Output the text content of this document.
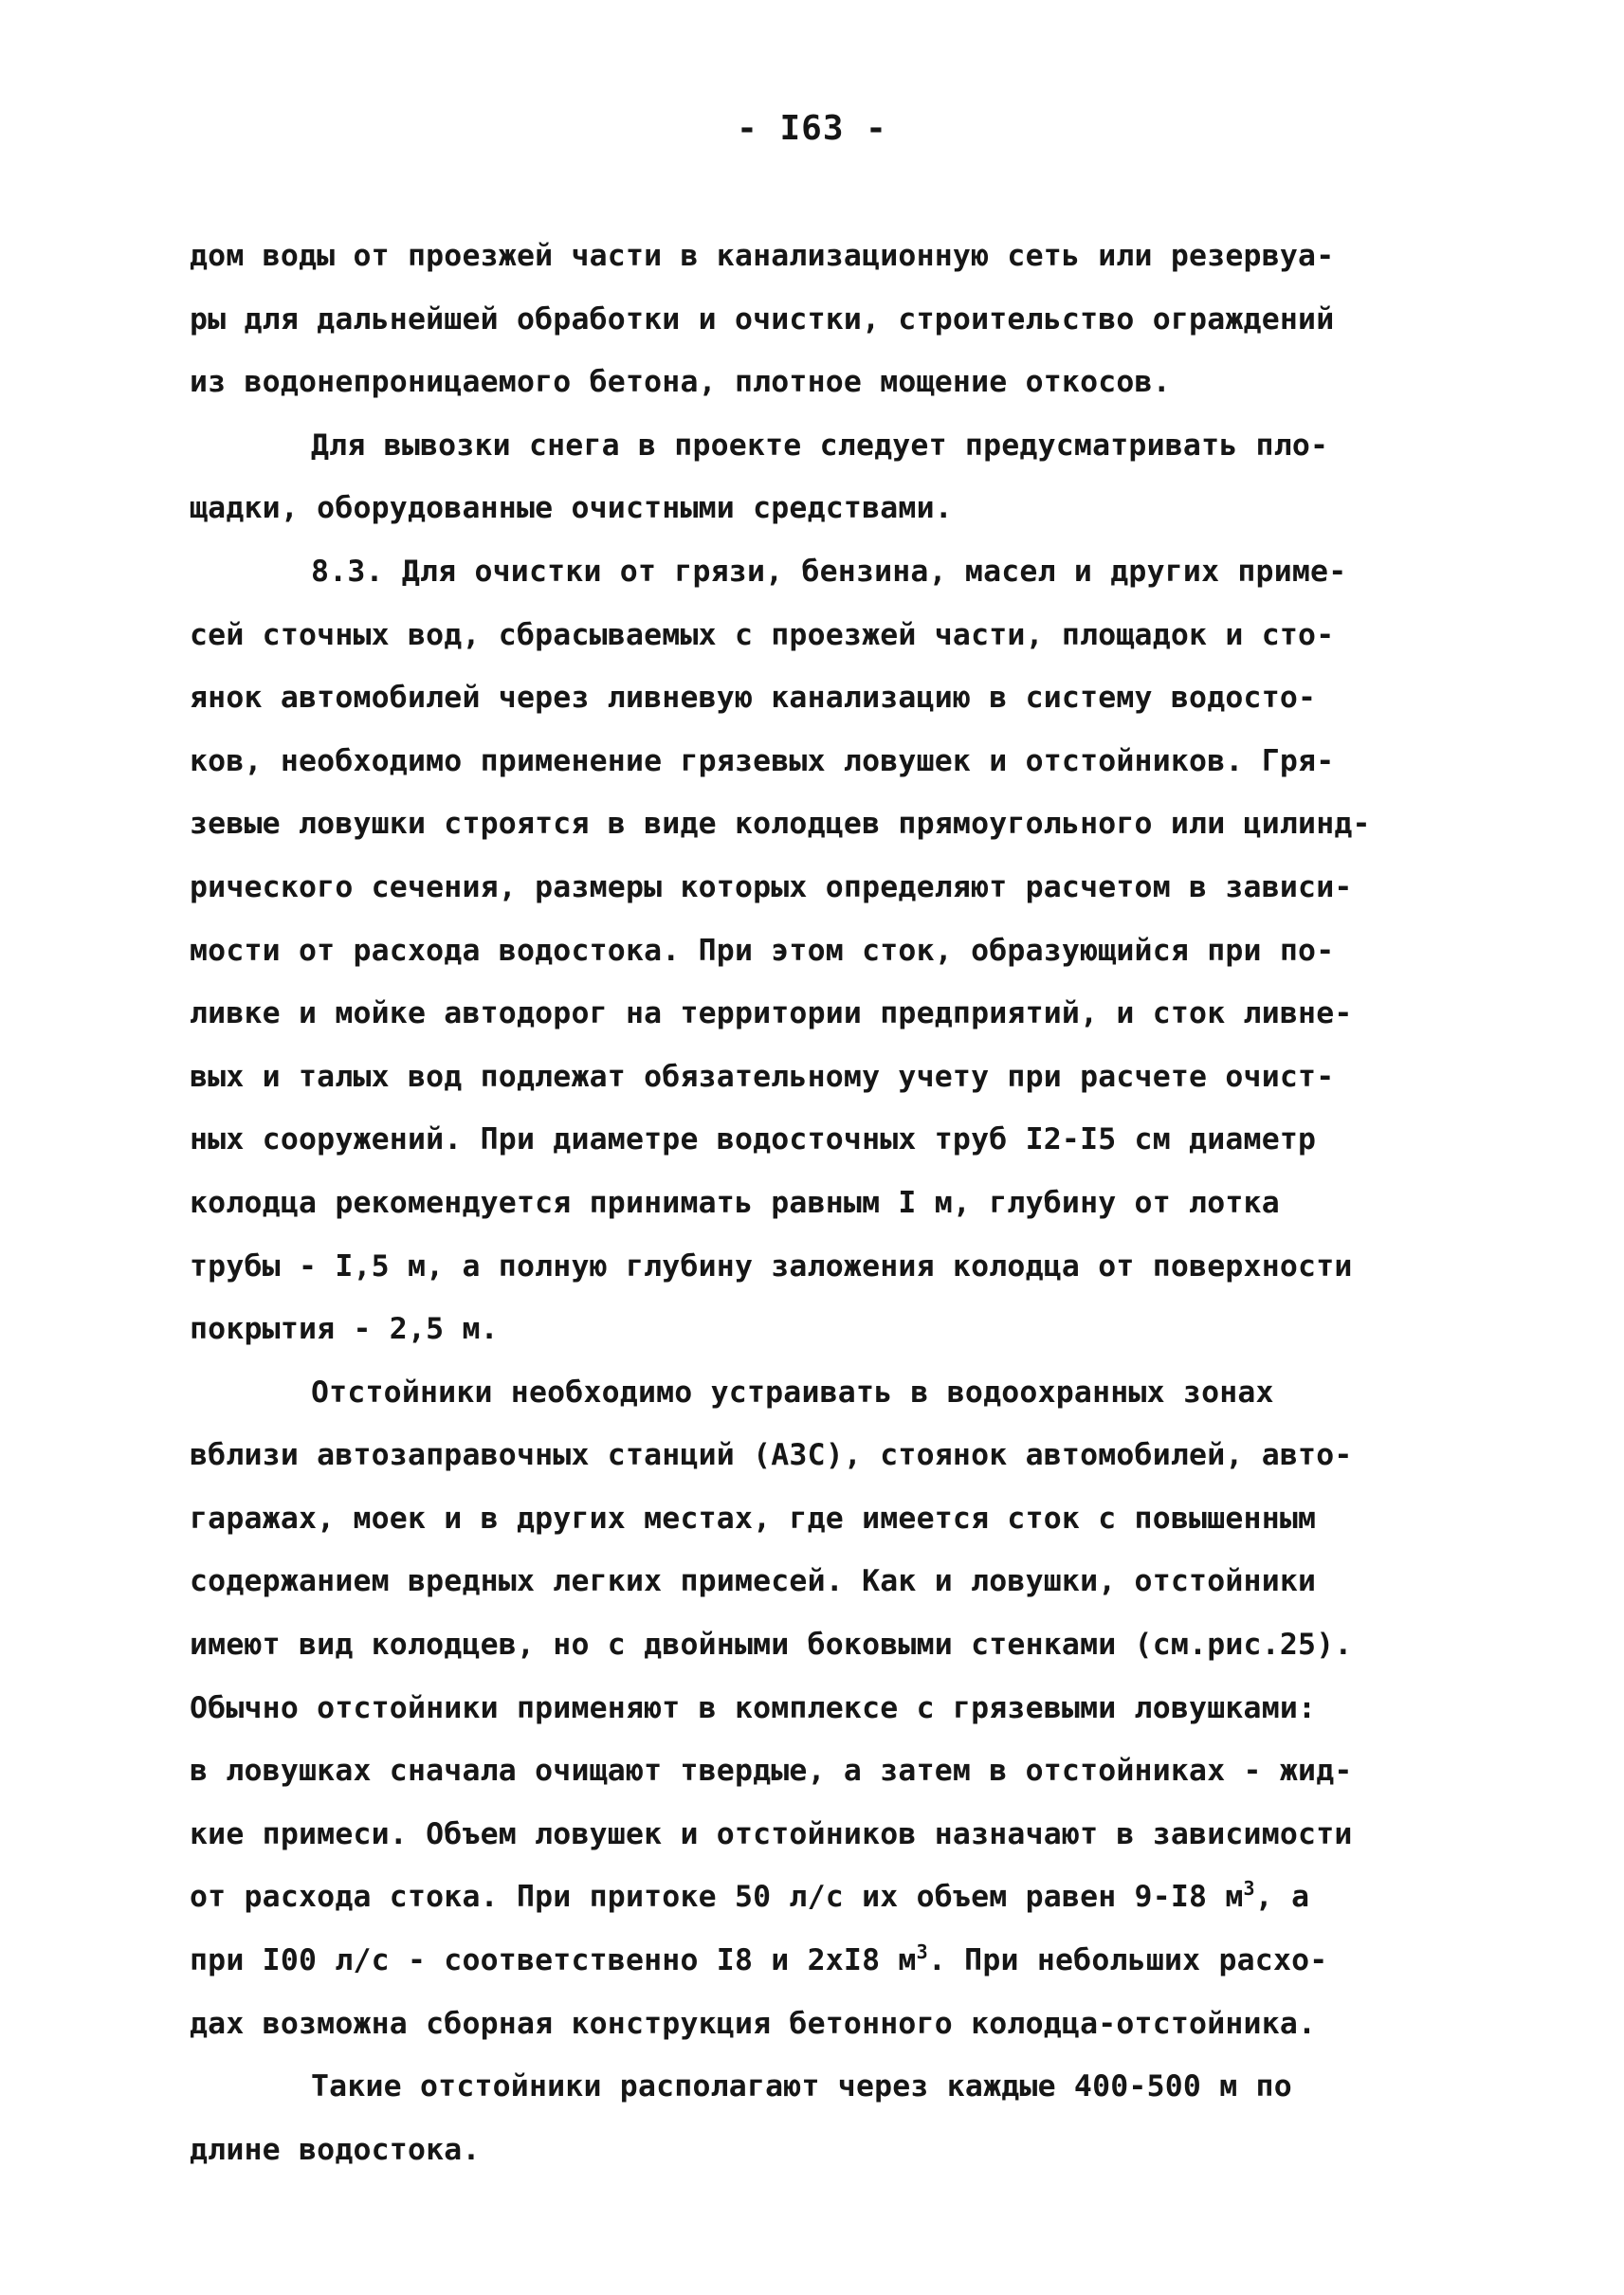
- I63 -
дом воды от проезжей части в канализационную сеть или резервуа-
ры для дальнейшей обработки и очистки, строительство ограждений
из водонепроницаемого бетона, плотное мощение откосов.
Для вывозки снега в проекте следует предусматривать пло-
щадки, оборудованные очистными средствами.
8.3. Для очистки от грязи, бензина, масел и других приме-
сей сточных вод, сбрасываемых с проезжей части, площадок и сто-
янок автомобилей через ливневую канализацию в систему водосто-
ков, необходимо применение грязевых ловушек и отстойников. Гря-
зевые ловушки строятся в виде колодцев прямоугольного или цилинд-
рического сечения, размеры которых определяют расчетом в зависи-
мости от расхода водостока. При этом сток, образующийся при по-
ливке и мойке автодорог на территории предприятий, и сток ливне-
вых и талых вод подлежат обязательному учету при расчете очист-
ных сооружений. При диаметре водосточных труб I2-I5 см диаметр
колодца рекомендуется принимать равным I м, глубину от лотка
трубы - I,5 м, а полную глубину заложения колодца от поверхности
покрытия - 2,5 м.
Отстойники необходимо устраивать в водоохранных зонах
вблизи автозаправочных станций (АЗС), стоянок автомобилей, авто-
гаражах, моек и в других местах, где имеется сток с повышенным
содержанием вредных легких примесей. Как и ловушки, отстойники
имеют вид колодцев, но с двойными боковыми стенками (см.рис.25).
Обычно отстойники применяют в комплексе с грязевыми ловушками:
в ловушках сначала очищают твердые, а затем в отстойниках - жид-
кие примеси. Объем ловушек и отстойников назначают в зависимости
от расхода стока. При притоке 50 л/с их объем равен 9-I8 $м^3$, а
при I00 л/с - соответственно I8 и 2хI8 $м^3$. При небольших расхо-
дах возможна сборная конструкция бетонного колодца-отстойника.
Такие отстойники располагают через каждые 400-500 м по
длине водостока.
